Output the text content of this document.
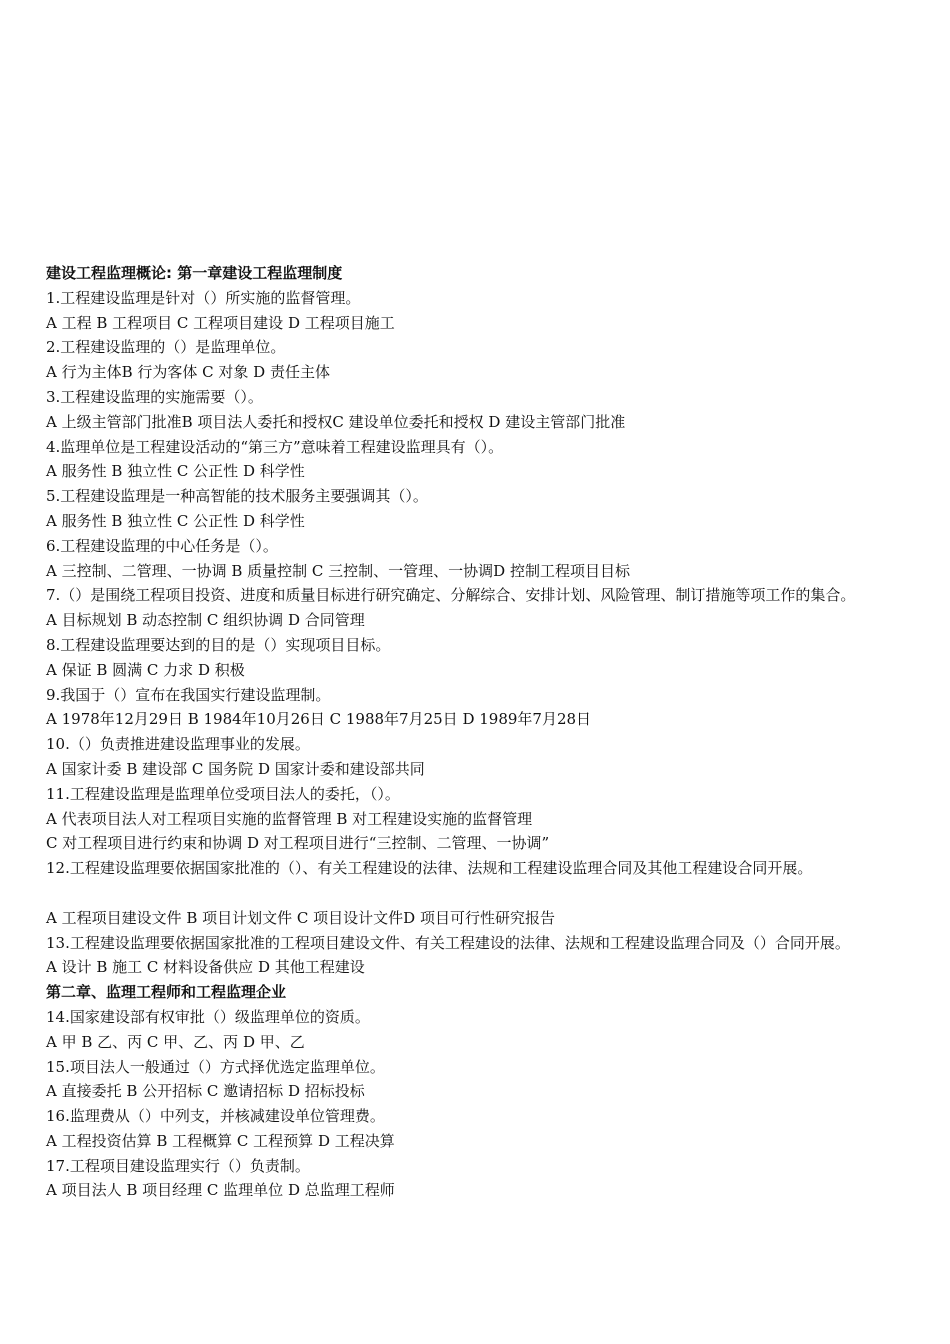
建设工程监理概论: 第一章建设工程监理制度

1.工程建设监理是针对（）所实施的监督管理。

A 工程 B 工程项目 C 工程项目建设 D 工程项目施工

2.工程建设监理的（）是监理单位。

A 行为主体B 行为客体 C 对象 D 责任主体

3.工程建设监理的实施需要（）。

A 上级主管部门批准B 项目法人委托和授权C 建设单位委托和授权 D 建设主管部门批准

4.监理单位是工程建设活动的“第三方”意味着工程建设监理具有（）。

A 服务性 B 独立性 C 公正性 D 科学性

5.工程建设监理是一种高智能的技术服务主要强调其（）。

A 服务性 B 独立性 C 公正性 D 科学性

6.工程建设监理的中心任务是（）。

A 三控制、二管理、一协调 B 质量控制 C 三控制、一管理、一协调D 控制工程项目目标

7.（）是围绕工程项目投资、进度和质量目标进行研究确定、分解综合、安排计划、风险管理、制订措施等项工作的集合。

A 目标规划 B 动态控制 C 组织协调 D 合同管理

8.工程建设监理要达到的目的是（）实现项目目标。

A 保证 B 圆满 C 力求 D 积极

9.我国于（）宣布在我国实行建设监理制。

A 1978年12月29日 B 1984年10月26日 C 1988年7月25日 D 1989年7月28日

10.（）负责推进建设监理事业的发展。

A 国家计委 B 建设部 C 国务院 D 国家计委和建设部共同

11.工程建设监理是监理单位受项目法人的委托，（）。

A 代表项目法人对工程项目实施的监督管理 B 对工程建设实施的监督管理

C 对工程项目进行约束和协调 D 对工程项目进行“三控制、二管理、一协调”

12.工程建设监理要依据国家批准的（）、有关工程建设的法律、法规和工程建设监理合同及其他工程建设合同开展。

A 工程项目建设文件 B 项目计划文件 C 项目设计文件D 项目可行性研究报告

13.工程建设监理要依据国家批准的工程项目建设文件、有关工程建设的法律、法规和工程建设监理合同及（）合同开展。

A 设计 B 施工 C 材料设备供应 D 其他工程建设

第二章、监理工程师和工程监理企业

14.国家建设部有权审批（）级监理单位的资质。

A 甲 B 乙、丙 C 甲、乙、丙 D 甲、乙

15.项目法人一般通过（）方式择优选定监理单位。

A 直接委托 B 公开招标 C 邀请招标 D 招标投标

16.监理费从（）中列支，并核减建设单位管理费。

A 工程投资估算 B 工程概算 C 工程预算 D 工程决算

17.工程项目建设监理实行（）负责制。

A 项目法人 B 项目经理 C 监理单位 D 总监理工程师
